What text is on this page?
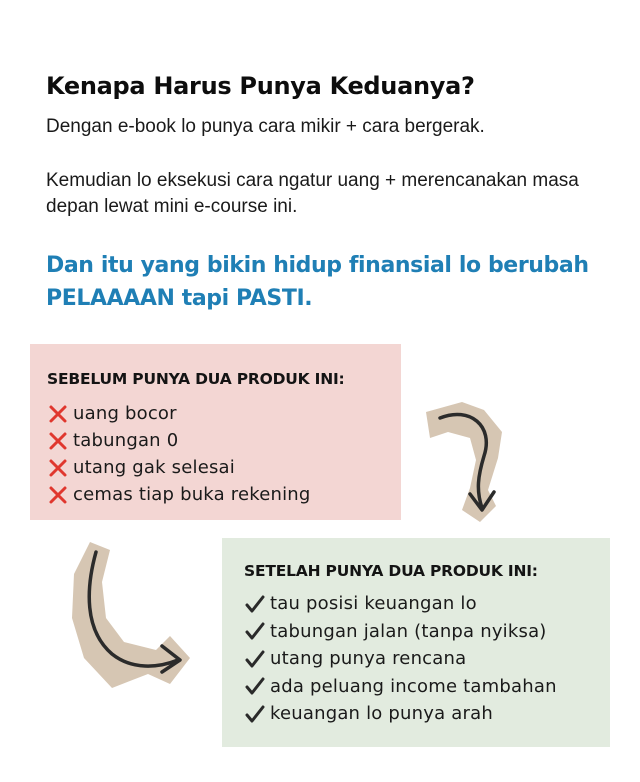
Kenapa Harus Punya Keduanya?

Dengan e-book lo punya cara mikir + cara bergerak.

Kemudian lo eksekusi cara ngatur uang + merencanakan masa depan lewat mini e-course ini.

Dan itu yang bikin hidup finansial lo berubah PELAAAAN tapi PASTI.

SEBELUM PUNYA DUA PRODUK INI:

uang bocor
tabungan 0
utang gak selesai
cemas tiap buka rekening

SETELAH PUNYA DUA PRODUK INI:

tau posisi keuangan lo
tabungan jalan (tanpa nyiksa)
utang punya rencana
ada peluang income tambahan
keuangan lo punya arah
